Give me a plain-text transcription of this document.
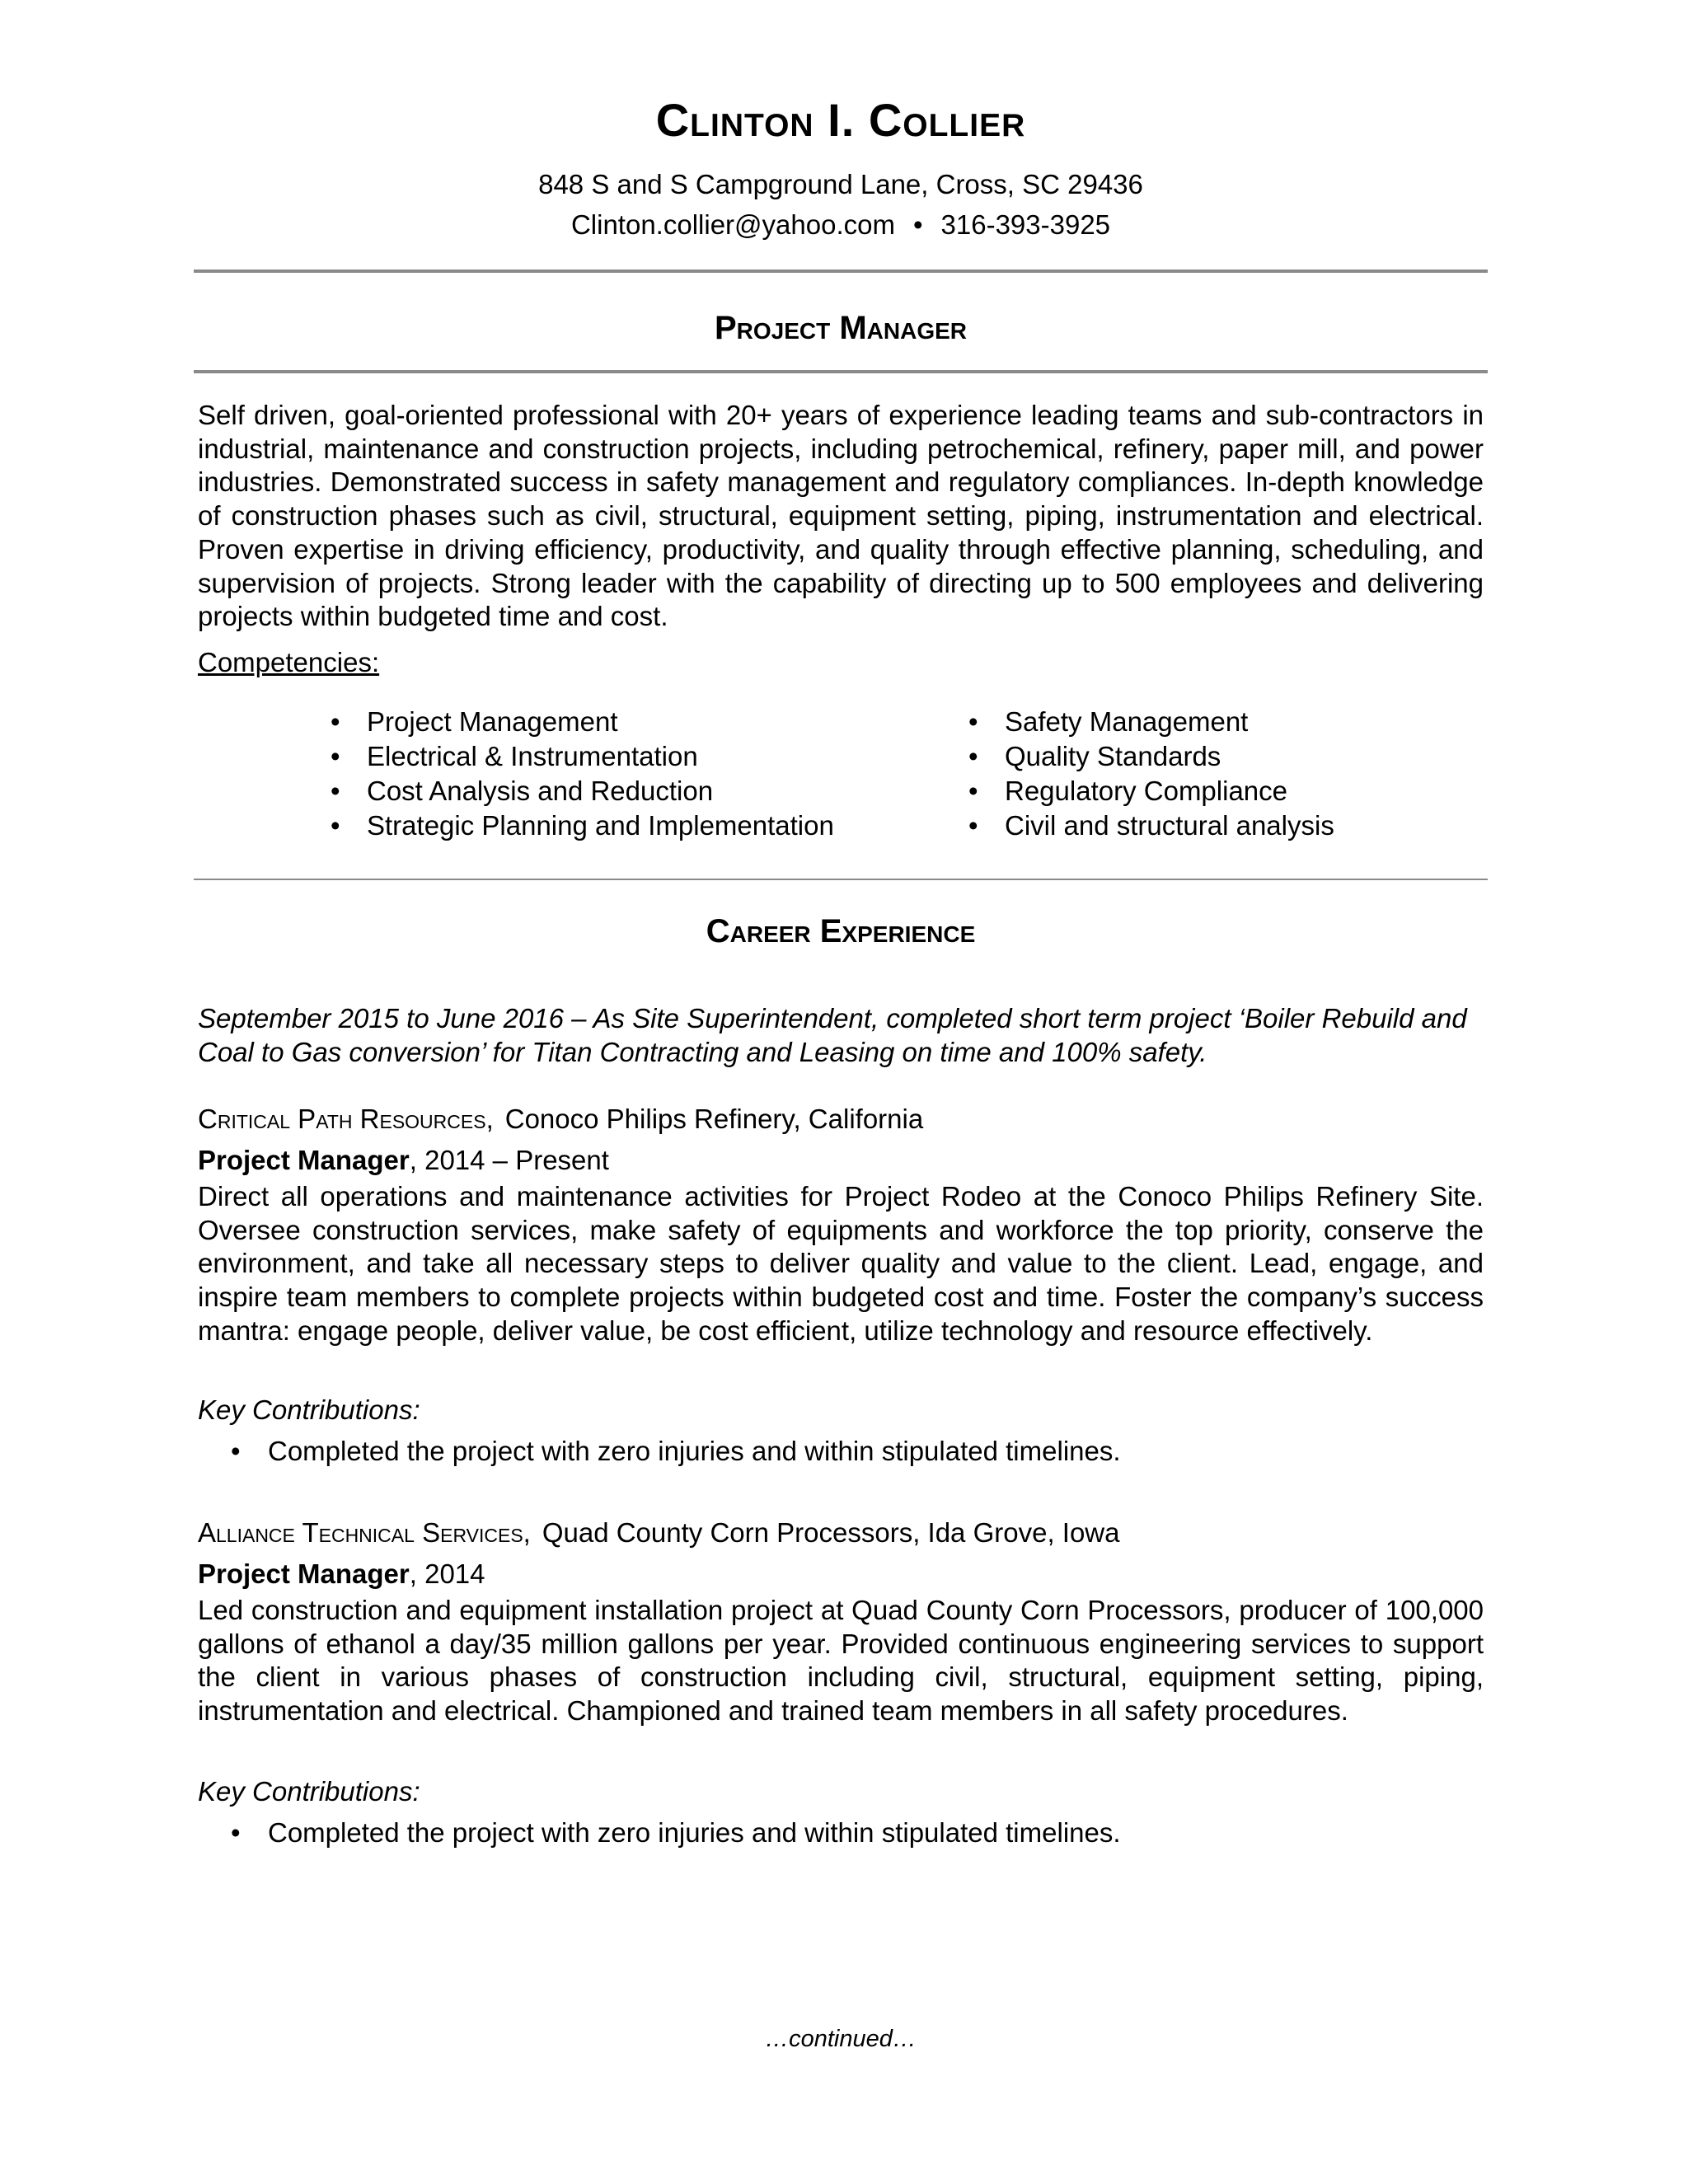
Clinton I. Collier
848 S and S Campground Lane, Cross, SC 29436
Clinton.collier@yahoo.com • 316-393-3925
Project Manager

Self driven, goal-oriented professional with 20+ years of experience leading teams and sub-contractors in industrial, maintenance and construction projects, including petrochemical, refinery, paper mill, and power industries. Demonstrated success in safety management and regulatory compliances. In-depth knowledge of construction phases such as civil, structural, equipment setting, piping, instrumentation and electrical. Proven expertise in driving efficiency, productivity, and quality through effective planning, scheduling, and supervision of projects. Strong leader with the capability of directing up to 500 employees and delivering projects within budgeted time and cost.

Competencies:
• Project Management
• Electrical & Instrumentation
• Cost Analysis and Reduction
• Strategic Planning and Implementation
• Safety Management
• Quality Standards
• Regulatory Compliance
• Civil and structural analysis
Career Experience

September 2015 to June 2016 – As Site Superintendent, completed short term project ‘Boiler Rebuild and Coal to Gas conversion’ for Titan Contracting and Leasing on time and 100% safety.

Critical Path Resources, Conoco Philips Refinery, California
Project Manager, 2014 – Present

Direct all operations and maintenance activities for Project Rodeo at the Conoco Philips Refinery Site. Oversee construction services, make safety of equipments and workforce the top priority, conserve the environment, and take all necessary steps to deliver quality and value to the client. Lead, engage, and inspire team members to complete projects within budgeted cost and time. Foster the company’s success mantra: engage people, deliver value, be cost efficient, utilize technology and resource effectively.

Key Contributions:
• Completed the project with zero injuries and within stipulated timelines.
Alliance Technical Services, Quad County Corn Processors, Ida Grove, Iowa
Project Manager, 2014

Led construction and equipment installation project at Quad County Corn Processors, producer of 100,000 gallons of ethanol a day/35 million gallons per year. Provided continuous engineering services to support the client in various phases of construction including civil, structural, equipment setting, piping, instrumentation and electrical. Championed and trained team members in all safety procedures.

Key Contributions:
• Completed the project with zero injuries and within stipulated timelines.
…continued…
